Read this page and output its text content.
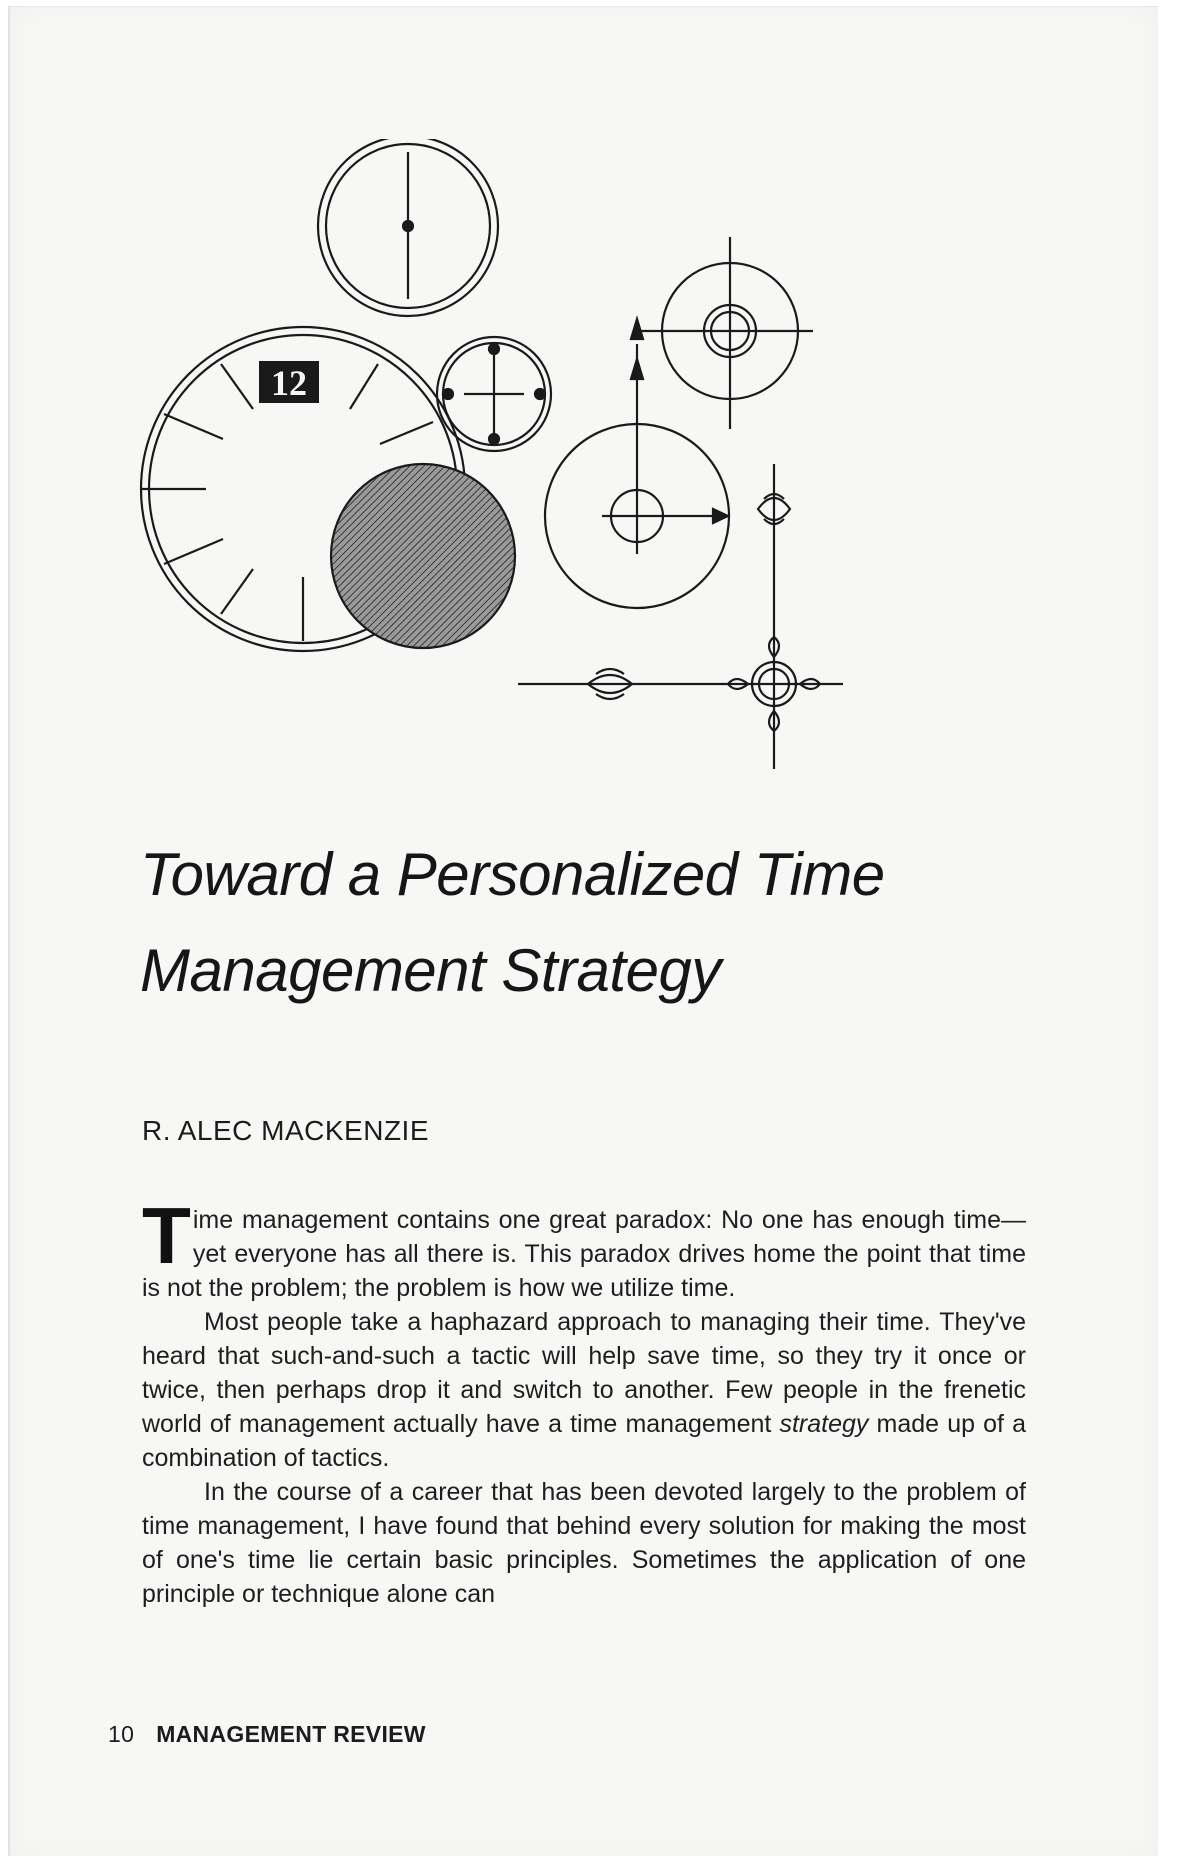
12
Toward a Personalized Time
Management Strategy
R. ALEC MACKENZIE

Time management contains one great paradox: No one has enough time—yet everyone has all there is. This paradox drives home the point that time is not the problem; the problem is how we utilize time.

Most people take a haphazard approach to managing their time. They've heard that such-and-such a tactic will help save time, so they try it once or twice, then perhaps drop it and switch to another. Few people in the frenetic world of management actually have a time management strategy made up of a combination of tactics.

In the course of a career that has been devoted largely to the problem of time management, I have found that behind every solution for making the most of one's time lie certain basic principles. Sometimes the application of one principle or technique alone can

10 MANAGEMENT REVIEW
